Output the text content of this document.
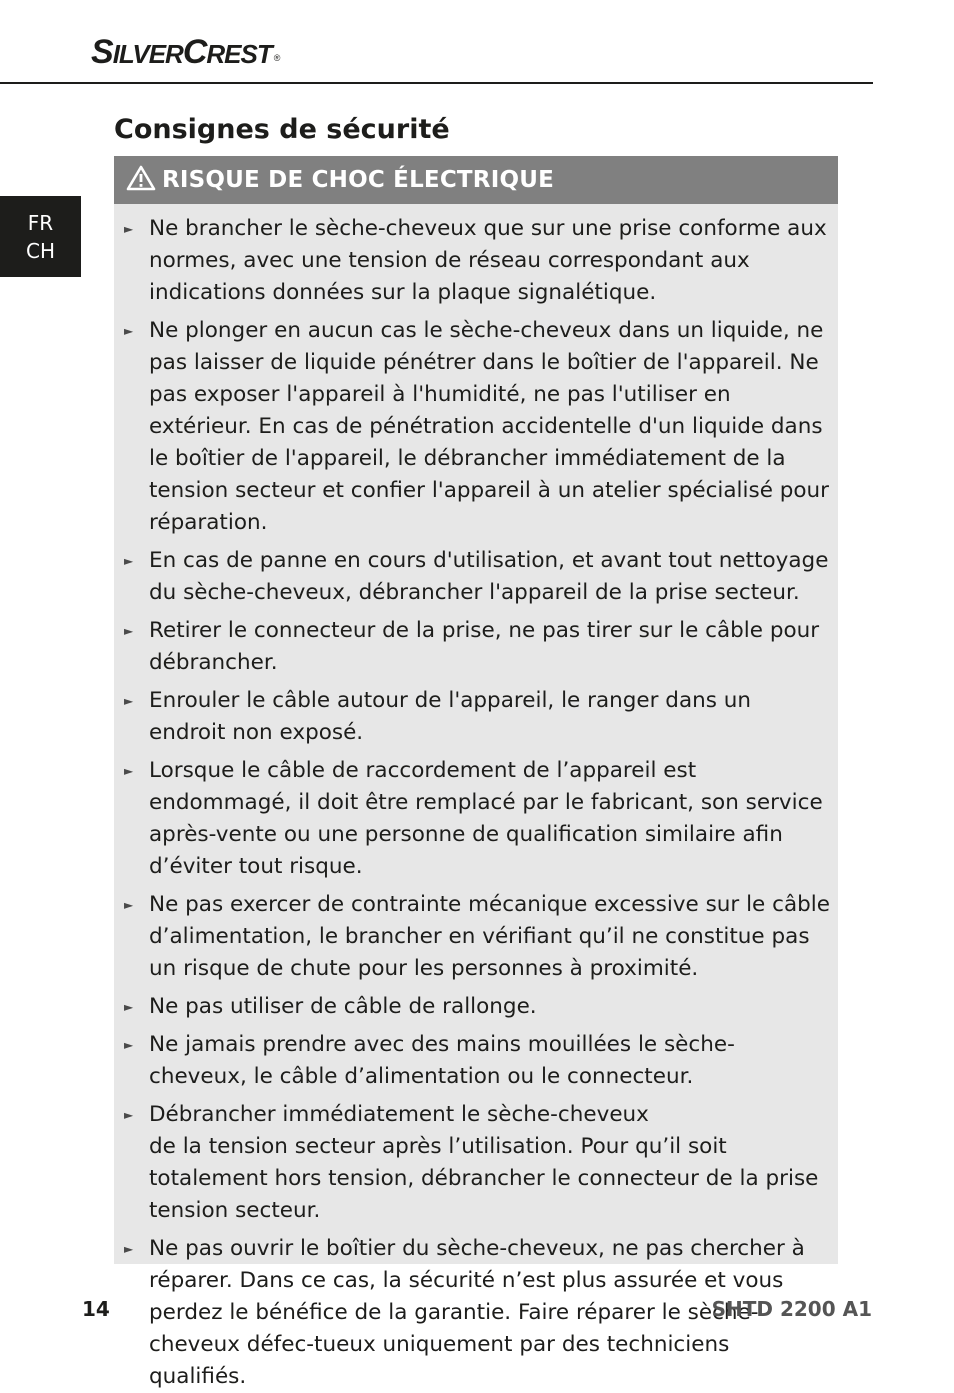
SILVERCREST ®
FR
CH
Consignes de sécurité
RISQUE DE CHOC ÉLECTRIQUE
► Ne brancher le sèche-cheveux que sur une prise conforme aux normes, avec une tension de réseau correspondant aux indications données sur la plaque signalétique.
► Ne plonger en aucun cas le sèche-cheveux dans un liquide, ne pas laisser de liquide pénétrer dans le boîtier de l'appareil. Ne pas exposer l'appareil à l'humidité, ne pas l'utiliser en extérieur. En cas de pénétration accidentelle d'un liquide dans le boîtier de l'appareil, le débrancher immédiatement de la tension secteur et confier l'appareil à un atelier spécialisé pour réparation.
► En cas de panne en cours d'utilisation, et avant tout nettoyage du sèche-cheveux, débrancher l'appareil de la prise secteur.
► Retirer le connecteur de la prise, ne pas tirer sur le câble pour débrancher.
► Enrouler le câble autour de l'appareil, le ranger dans un endroit non exposé.
► Lorsque le câble de raccordement de l’appareil est endommagé, il doit être remplacé par le fabricant, son service après-vente ou une personne de qualification similaire afin d’éviter tout risque.
► Ne pas exercer de contrainte mécanique excessive sur le câble d’alimentation, le brancher en vérifiant qu’il ne constitue pas un risque de chute pour les personnes à proximité.
► Ne pas utiliser de câble de rallonge.
► Ne jamais prendre avec des mains mouillées le sèche-cheveux, le câble d’alimentation ou le connecteur.
► Débrancher immédiatement le sèche-cheveux
de la tension secteur après l’utilisation. Pour qu’il soit totalement hors tension, débrancher le connecteur de la prise tension secteur.
► Ne pas ouvrir le boîtier du sèche-cheveux, ne pas chercher à réparer. Dans ce cas, la sécurité n’est plus assurée et vous perdez le bénéfice de la garantie. Faire réparer le sèche-cheveux défec-tueux uniquement par des techniciens qualifiés.
14	SHTD 2200 A1
